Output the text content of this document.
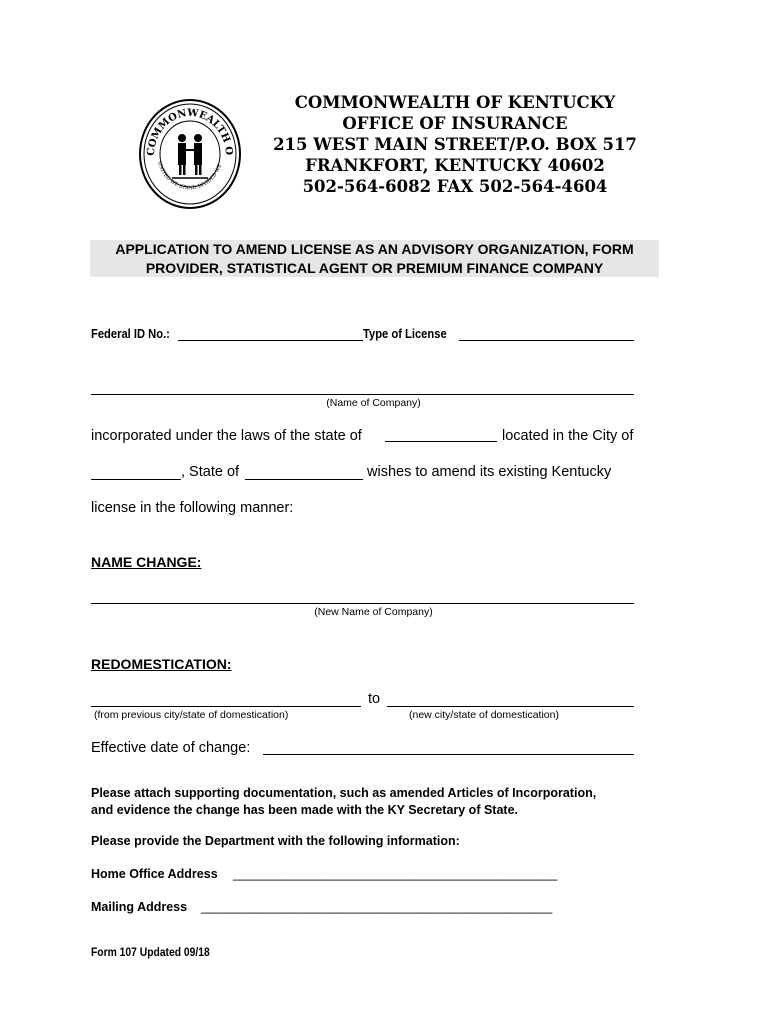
COMMONWEALTH O
UNITED WE STAND DIVIDED WE
COMMONWEALTH OF KENTUCKY
OFFICE OF INSURANCE
215 WEST MAIN STREET/P.O. BOX 517
FRANKFORT, KENTUCKY 40602
502-564-6082 FAX 502-564-4604
APPLICATION TO AMEND LICENSE AS AN ADVISORY ORGANIZATION, FORM
PROVIDER, STATISTICAL AGENT OR PREMIUM FINANCE COMPANY
Federal ID No.:	Type of License
(Name of Company)
incorporated under the laws of the state of	located in the City of
, State of	wishes to amend its existing Kentucky
license in the following manner:
NAME CHANGE:
(New Name of Company)
REDOMESTICATION:
to
(from previous city/state of domestication)	(new city/state of domestication)
Effective date of change:
Please attach supporting documentation, such as amended Articles of Incorporation,
and evidence the change has been made with the KY Secretary of State.
Please provide the Department with the following information:
Home Office Address ________________________________________________
Mailing Address ____________________________________________________
Form 107 Updated 09/18
